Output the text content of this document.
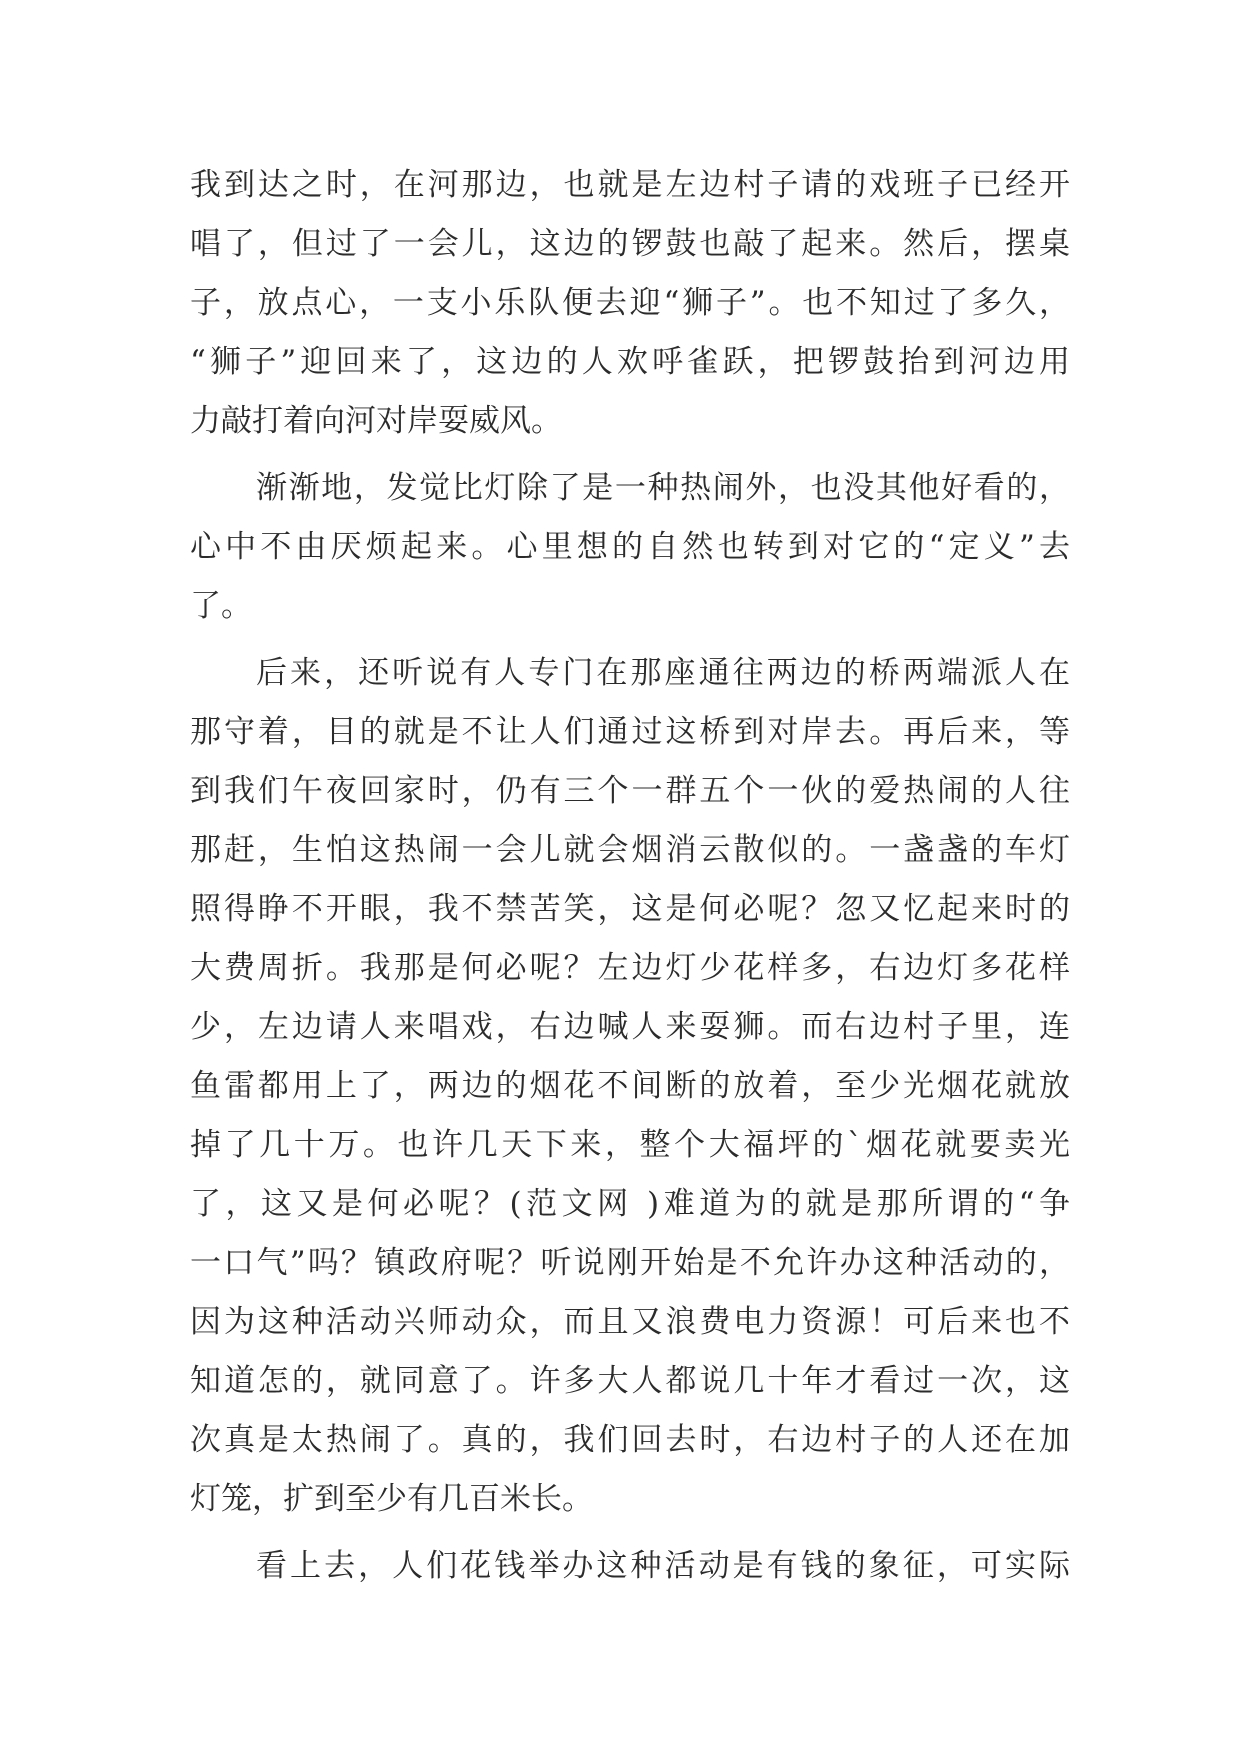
我到达之时，在河那边，也就是左边村子请的戏班子已经开
唱了，但过了一会儿，这边的锣鼓也敲了起来。然后，摆桌
子，放点心，一支小乐队便去迎“狮子”。也不知过了多久，
“狮子”迎回来了，这边的人欢呼雀跃，把锣鼓抬到河边用
力敲打着向河对岸耍威风。
渐渐地，发觉比灯除了是一种热闹外，也没其他好看的，
心中不由厌烦起来。心里想的自然也转到对它的“定义”去
了。
后来，还听说有人专门在那座通往两边的桥两端派人在
那守着，目的就是不让人们通过这桥到对岸去。再后来，等
到我们午夜回家时，仍有三个一群五个一伙的爱热闹的人往
那赶，生怕这热闹一会儿就会烟消云散似的。一盏盏的车灯
照得睁不开眼，我不禁苦笑，这是何必呢？忽又忆起来时的
大费周折。我那是何必呢？左边灯少花样多，右边灯多花样
少，左边请人来唱戏，右边喊人来耍狮。而右边村子里，连
鱼雷都用上了，两边的烟花不间断的放着，至少光烟花就放
掉了几十万。也许几天下来，整个大福坪的`烟花就要卖光
了，这又是何必呢？(范文网 )难道为的就是那所谓的“争
一口气”吗？镇政府呢？听说刚开始是不允许办这种活动的，
因为这种活动兴师动众，而且又浪费电力资源！可后来也不
知道怎的，就同意了。许多大人都说几十年才看过一次，这
次真是太热闹了。真的，我们回去时，右边村子的人还在加
灯笼，扩到至少有几百米长。
看上去，人们花钱举办这种活动是有钱的象征，可实际
